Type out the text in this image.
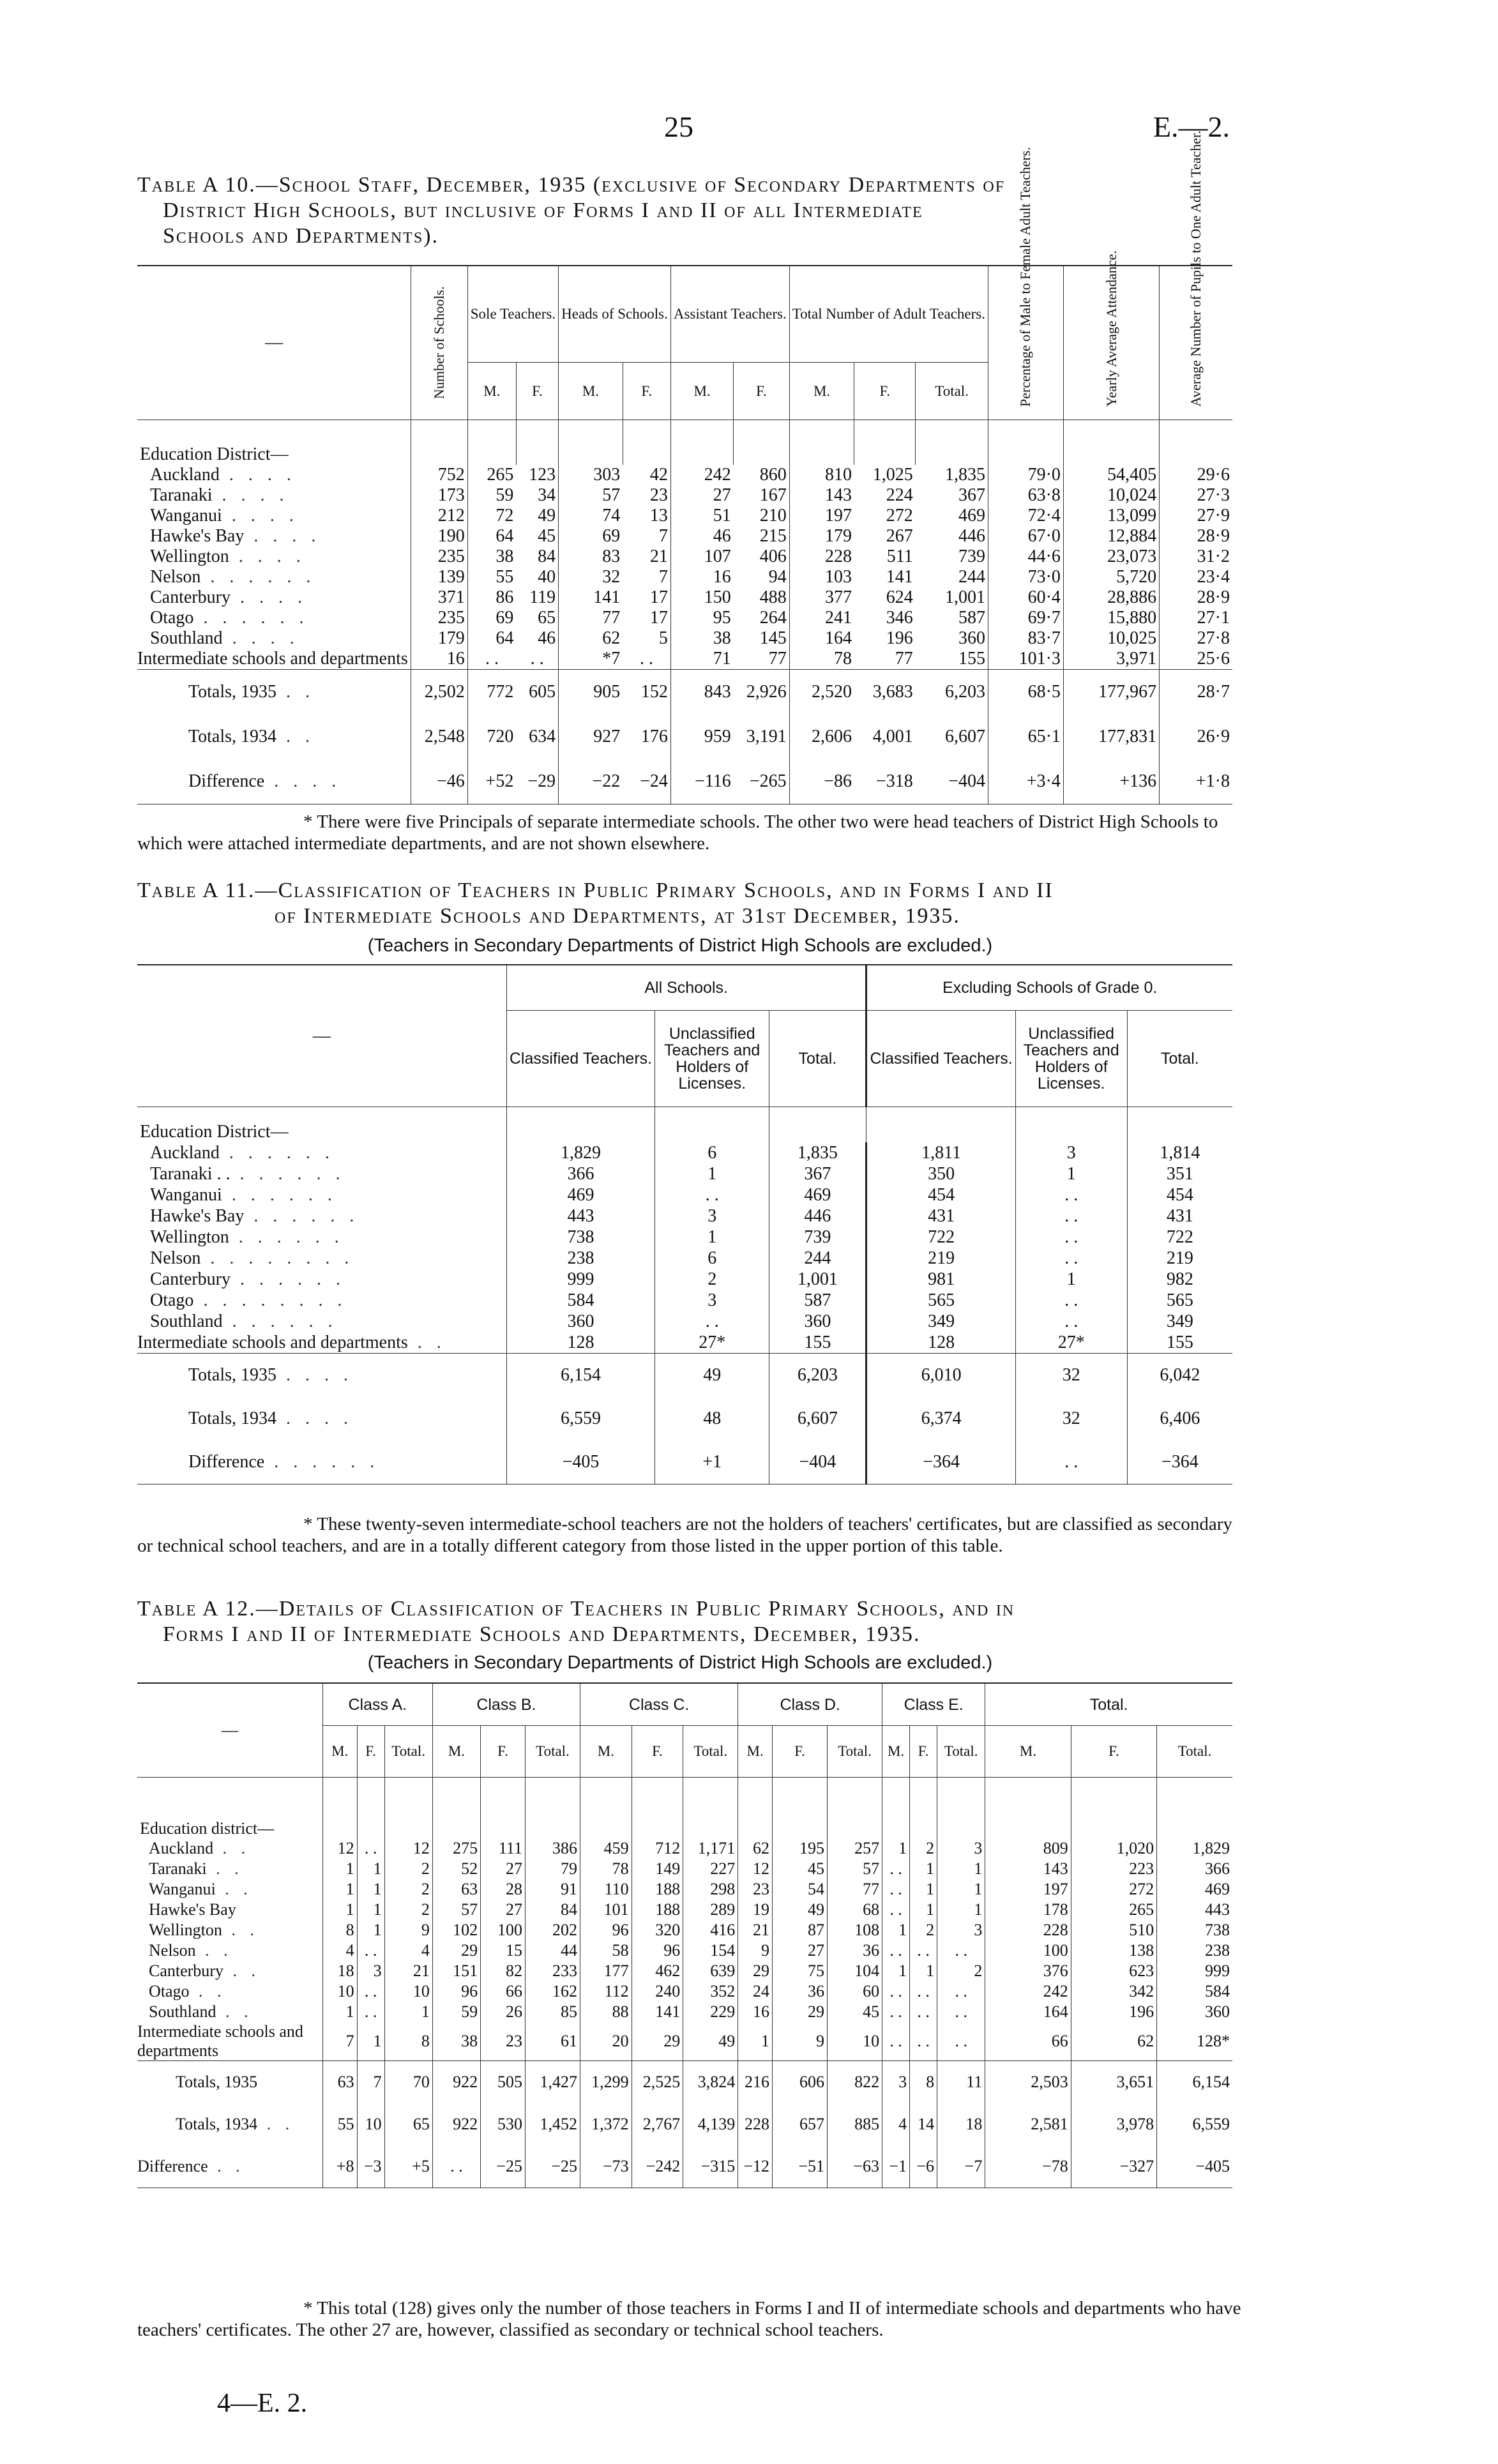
25	E.—2.
Table A 10.—School Staff, December, 1935 (exclusive of Secondary Departments of
District High Schools, but inclusive of Forms I and II of all Intermediate
Schools and Departments).
—	Number of Schools.	Sole Teachers.		Heads of Schools.		Assistant Teachers.		Total Number of Adult Teachers.			Percentage of Male to Female Adult Teachers.	Yearly Average Attendance.	Average Number of Pupils to One Adult Teacher.

		M.	F.	M.	F.	M.	F.	M.	F.	Total.			
Education District—													
Auckland . . . .	752	265	123	303	42	242	860	810	1,025	1,835	79·0	54,405	29·6
Taranaki . . . .	173	59	34	57	23	27	167	143	224	367	63·8	10,024	27·3
Wanganui . . . .	212	72	49	74	13	51	210	197	272	469	72·4	13,099	27·9
Hawke's Bay . . . .	190	64	45	69	7	46	215	179	267	446	67·0	12,884	28·9
Wellington . . . .	235	38	84	83	21	107	406	228	511	739	44·6	23,073	31·2
Nelson . . . . . .	139	55	40	32	7	16	94	103	141	244	73·0	5,720	23·4
Canterbury . . . .	371	86	119	141	17	150	488	377	624	1,001	60·4	28,886	28·9
Otago . . . . . .	235	69	65	77	17	95	264	241	346	587	69·7	15,880	27·1
Southland . . . .	179	64	46	62	5	38	145	164	196	360	83·7	10,025	27·8
Intermediate schools and departments	16	. .	. .	*7	. .	71	77	78	77	155	101·3	3,971	25·6
Totals, 1935 . .	2,502	772	605	905	152	843	2,926	2,520	3,683	6,203	68·5	177,967	28·7
Totals, 1934 . .	2,548	720	634	927	176	959	3,191	2,606	4,001	6,607	65·1	177,831	26·9
Difference . . . .	−46	+52	−29	−22	−24	−116	−265	−86	−318	−404	+3·4	+136	+1·8
* There were five Principals of separate intermediate schools. The other two were head teachers of District High Schools to which were attached intermediate departments, and are not shown elsewhere.
Table A 11.—Classification of Teachers in Public Primary Schools, and in Forms I and II
of Intermediate Schools and Departments, at 31st December, 1935.
(Teachers in Secondary Departments of District High Schools are excluded.)
—	All Schools.			Excluding Schools of Grade 0.		
	Classified Teachers.	Unclassified Teachers and Holders of Licenses.	Total.	Classified Teachers.	Unclassified Teachers and Holders of Licenses.	Total.
Education District—						
Auckland . . . . . .	1,829	6	1,835	1,811	3	1,814
Taranaki . . . . . . . .	366	1	367	350	1	351
Wanganui . . . . . .	469	. .	469	454	. .	454
Hawke's Bay . . . . . .	443	3	446	431	. .	431
Wellington . . . . . .	738	1	739	722	. .	722
Nelson . . . . . . . .	238	6	244	219	. .	219
Canterbury . . . . . .	999	2	1,001	981	1	982
Otago . . . . . . . .	584	3	587	565	. .	565
Southland . . . . . .	360	. .	360	349	. .	349
Intermediate schools and departments . .	128	27*	155	128	27*	155
Totals, 1935 . . . .	6,154	49	6,203	6,010	32	6,042
Totals, 1934 . . . .	6,559	48	6,607	6,374	32	6,406
Difference . . . . . .	−405	+1	−404	−364	. .	−364
* These twenty-seven intermediate-school teachers are not the holders of teachers' certificates, but are classified as secondary or technical school teachers, and are in a totally different category from those listed in the upper portion of this table.
Table A 12.—Details of Classification of Teachers in Public Primary Schools, and in
Forms I and II of Intermediate Schools and Departments, December, 1935.
(Teachers in Secondary Departments of District High Schools are excluded.)
—	Class A.			Class B.			Class C.			Class D.			Class E.			Total.		
	M.	F.	Total.	M.	F.	Total.	M.	F.	Total.	M.	F.	Total.	M.	F.	Total.	M.	F.	Total.
Education district—																		
Auckland . .	12	. .	12	275	111	386	459	712	1,171	62	195	257	1	2	3	809	1,020	1,829
Taranaki . .	1	1	2	52	27	79	78	149	227	12	45	57	. .	1	1	143	223	366
Wanganui . .	1	1	2	63	28	91	110	188	298	23	54	77	. .	1	1	197	272	469
Hawke's Bay	1	1	2	57	27	84	101	188	289	19	49	68	. .	1	1	178	265	443
Wellington . .	8	1	9	102	100	202	96	320	416	21	87	108	1	2	3	228	510	738
Nelson . .	4	. .	4	29	15	44	58	96	154	9	27	36	. .	. .	. .	100	138	238
Canterbury . .	18	3	21	151	82	233	177	462	639	29	75	104	1	1	2	376	623	999
Otago . .	10	. .	10	96	66	162	112	240	352	24	36	60	. .	. .	. .	242	342	584
Southland . .	1	. .	1	59	26	85	88	141	229	16	29	45	. .	. .	. .	164	196	360
Intermediate schools and departments	7	1	8	38	23	61	20	29	49	1	9	10	. .	. .	. .	66	62	128*
Totals, 1935	63	7	70	922	505	1,427	1,299	2,525	3,824	216	606	822	3	8	11	2,503	3,651	6,154
Totals, 1934 . .	55	10	65	922	530	1,452	1,372	2,767	4,139	228	657	885	4	14	18	2,581	3,978	6,559
Difference . .	+8	−3	+5	. .	−25	−25	−73	−242	−315	−12	−51	−63	−1	−6	−7	−78	−327	−405
* This total (128) gives only the number of those teachers in Forms I and II of intermediate schools and departments who have teachers' certificates. The other 27 are, however, classified as secondary or technical school teachers.
4—E. 2.
